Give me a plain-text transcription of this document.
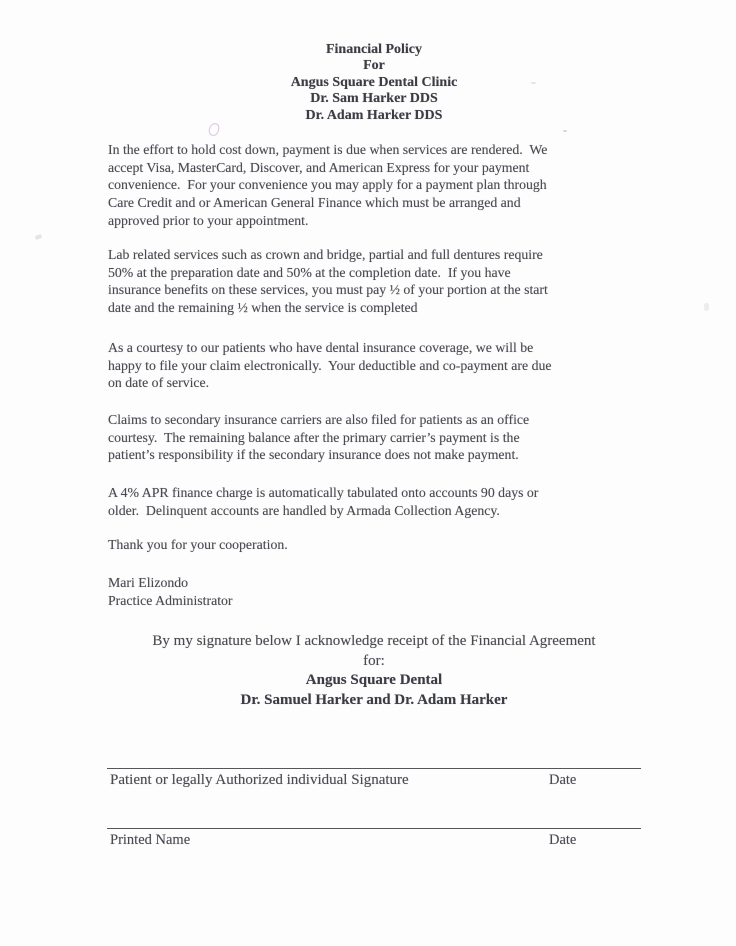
Financial Policy
For
Angus Square Dental Clinic
Dr. Sam Harker DDS
Dr. Adam Harker DDS
In the effort to hold cost down, payment is due when services are rendered.  We
accept Visa, MasterCard, Discover, and American Express for your payment
convenience.  For your convenience you may apply for a payment plan through
Care Credit and or American General Finance which must be arranged and
approved prior to your appointment.
Lab related services such as crown and bridge, partial and full dentures require
50% at the preparation date and 50% at the completion date.  If you have
insurance benefits on these services, you must pay ½ of your portion at the start
date and the remaining ½ when the service is completed
As a courtesy to our patients who have dental insurance coverage, we will be
happy to file your claim electronically.  Your deductible and co-payment are due
on date of service.
Claims to secondary insurance carriers are also filed for patients as an office
courtesy.  The remaining balance after the primary carrier’s payment is the
patient’s responsibility if the secondary insurance does not make payment.
A 4% APR finance charge is automatically tabulated onto accounts 90 days or
older.  Delinquent accounts are handled by Armada Collection Agency.
Thank you for your cooperation.
Mari Elizondo
Practice Administrator
By my signature below I acknowledge receipt of the Financial Agreement
for:
Angus Square Dental
Dr. Samuel Harker and Dr. Adam Harker
Patient or legally Authorized individual Signature	Date
Printed Name	Date
